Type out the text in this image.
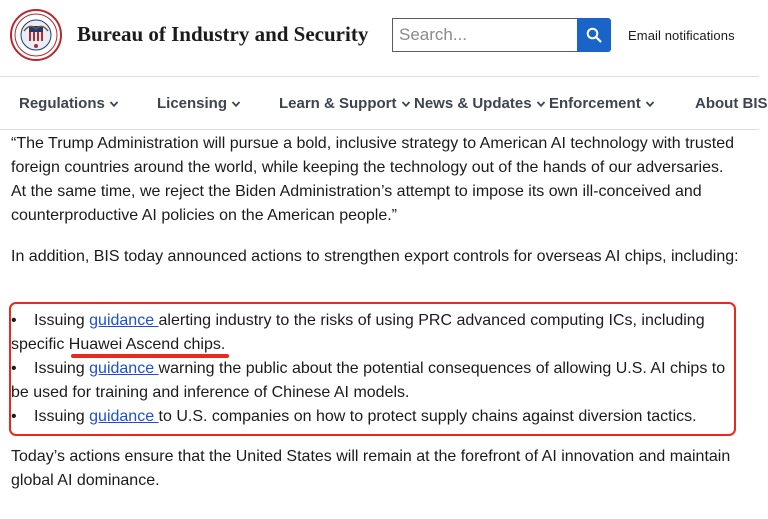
Bureau of Industry and Security
Search...	Email notifications
Regulations	Licensing	Learn & Support News & Updates Enforcement	About BIS

“The Trump Administration will pursue a bold, inclusive strategy to American AI technology with trusted foreign countries around the world, while keeping the technology out of the hands of our adversaries. At the same time, we reject the Biden Administration’s attempt to impose its own ill-conceived and counterproductive AI policies on the American people.”

In addition, BIS today announced actions to strengthen export controls for overseas AI chips, including:

• Issuing guidance alerting industry to the risks of using PRC advanced computing ICs, including specific Huawei Ascend chips.
• Issuing guidance warning the public about the potential consequences of allowing U.S. AI chips to be used for training and inference of Chinese AI models.
• Issuing guidance to U.S. companies on how to protect supply chains against diversion tactics.

Today’s actions ensure that the United States will remain at the forefront of AI innovation and maintain global AI dominance.
